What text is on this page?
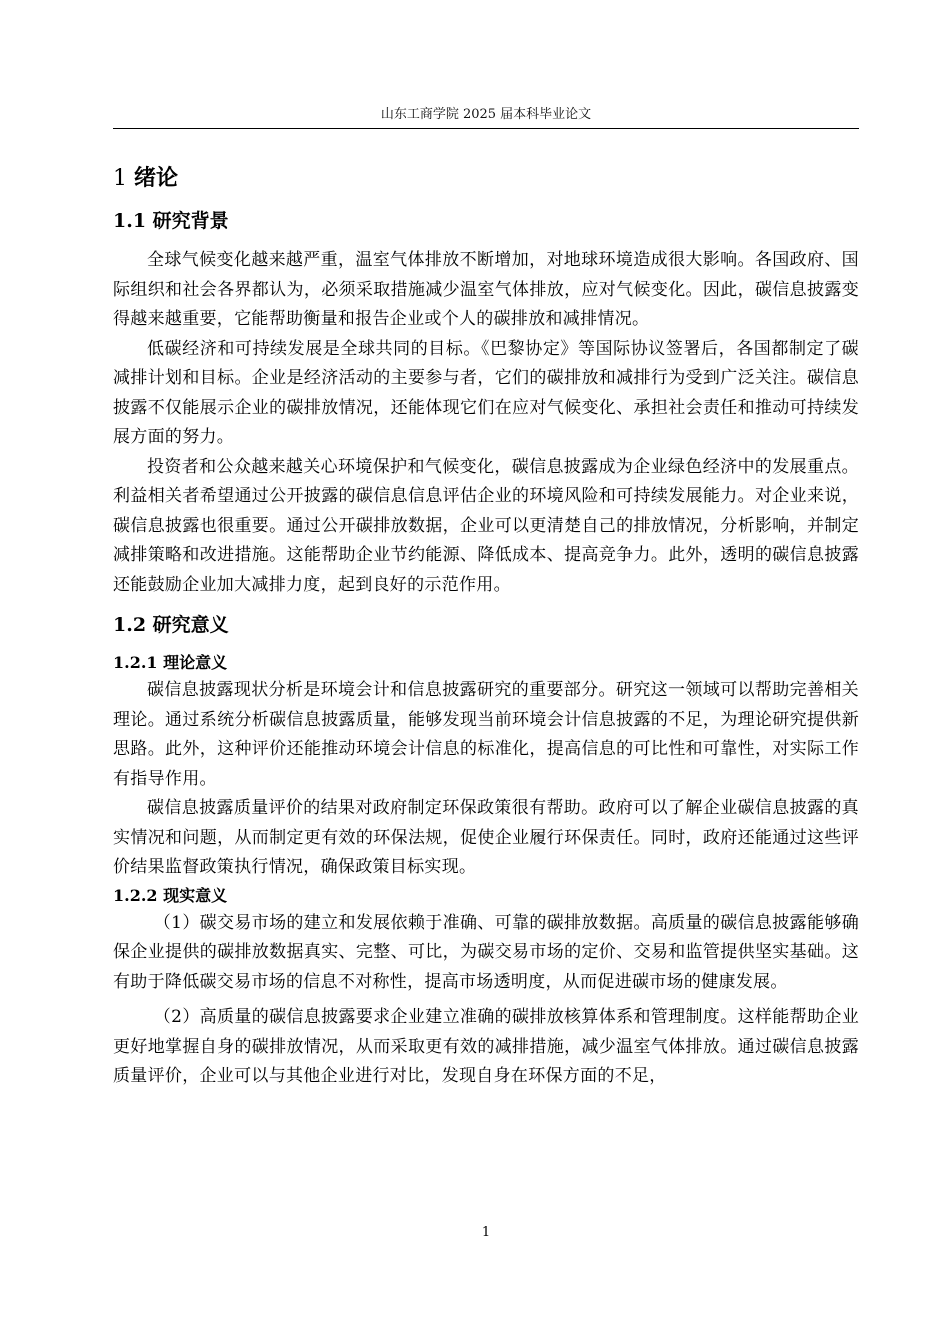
山东工商学院 2025 届本科毕业论文
1 绪论
1.1 研究背景

全球气候变化越来越严重，温室气体排放不断增加，对地球环境造成很大影响。各国政府、国际组织和社会各界都认为，必须采取措施减少温室气体排放，应对气候变化。因此，碳信息披露变得越来越重要，它能帮助衡量和报告企业或个人的碳排放和减排情况。

低碳经济和可持续发展是全球共同的目标。《巴黎协定》等国际协议签署后，各国都制定了碳减排计划和目标。企业是经济活动的主要参与者，它们的碳排放和减排行为受到广泛关注。碳信息披露不仅能展示企业的碳排放情况，还能体现它们在应对气候变化、承担社会责任和推动可持续发展方面的努力。

投资者和公众越来越关心环境保护和气候变化，碳信息披露成为企业绿色经济中的发展重点。利益相关者希望通过公开披露的碳信息信息评估企业的环境风险和可持续发展能力。对企业来说，碳信息披露也很重要。通过公开碳排放数据，企业可以更清楚自己的排放情况，分析影响，并制定减排策略和改进措施。这能帮助企业节约能源、降低成本、提高竞争力。此外，透明的碳信息披露还能鼓励企业加大减排力度，起到良好的示范作用。

1.2 研究意义
1.2.1 理论意义

碳信息披露现状分析是环境会计和信息披露研究的重要部分。研究这一领域可以帮助完善相关理论。通过系统分析碳信息披露质量，能够发现当前环境会计信息披露的不足，为理论研究提供新思路。此外，这种评价还能推动环境会计信息的标准化，提高信息的可比性和可靠性，对实际工作有指导作用。

碳信息披露质量评价的结果对政府制定环保政策很有帮助。政府可以了解企业碳信息披露的真实情况和问题，从而制定更有效的环保法规，促使企业履行环保责任。同时，政府还能通过这些评价结果监督政策执行情况，确保政策目标实现。

1.2.2 现实意义

（1）碳交易市场的建立和发展依赖于准确、可靠的碳排放数据。高质量的碳信息披露能够确保企业提供的碳排放数据真实、完整、可比，为碳交易市场的定价、交易和监管提供坚实基础。这有助于降低碳交易市场的信息不对称性，提高市场透明度，从而促进碳市场的健康发展。

（2）高质量的碳信息披露要求企业建立准确的碳排放核算体系和管理制度。这样能帮助企业更好地掌握自身的碳排放情况，从而采取更有效的减排措施，减少温室气体排放。通过碳信息披露质量评价，企业可以与其他企业进行对比，发现自身在环保方面的不足，

1
